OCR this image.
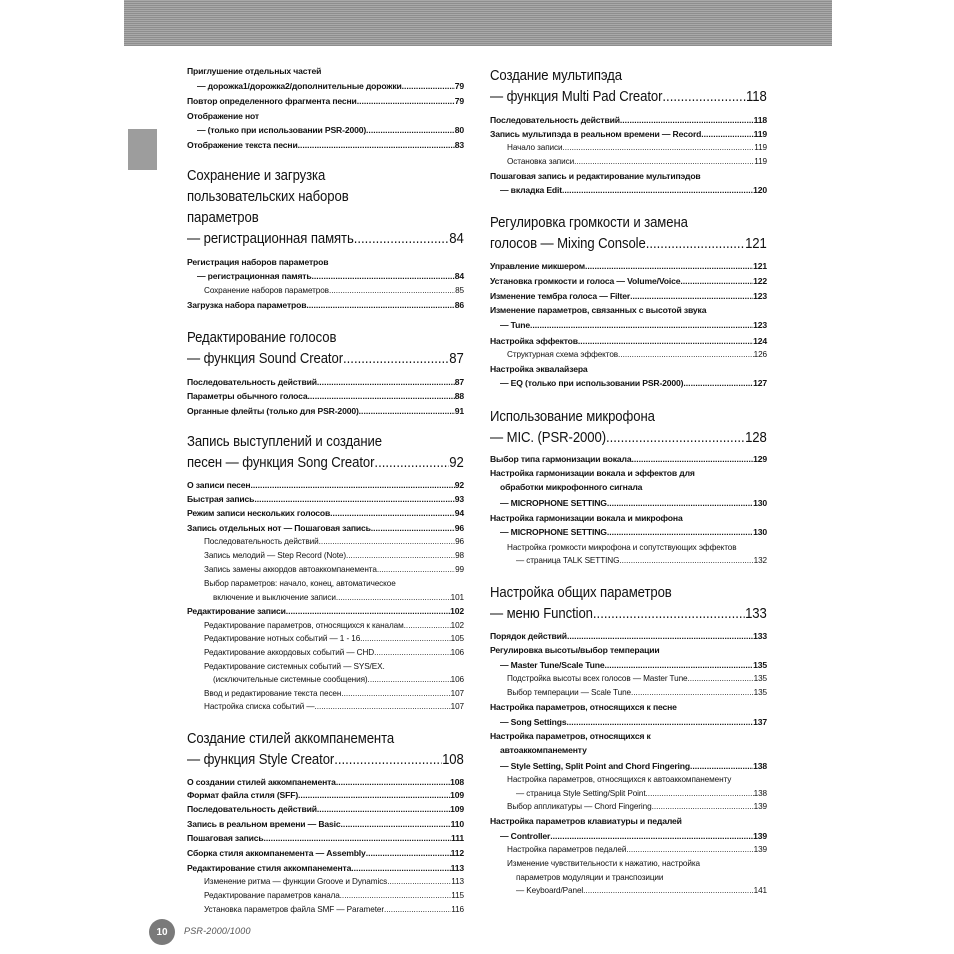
Приглушение отдельных частей
— дорожка1/дорожка2/дополнительные дорожки .....	79
Повтор определенного фрагмента песни .....	79
Отображение нот
— (только при использовании PSR-2000) .....	80
Отображение текста песни .....	83
Сохранение и загрузка
пользовательских наборов
параметров
— регистрационная память .....	84
Регистрация наборов параметров
— регистрационная память .....	84
Сохранение наборов параметров .....	85
Загрузка набора параметров .....	86
Редактирование голосов
— функция Sound Creator .....	87
Последовательность действий .....	87
Параметры обычного голоса .....	88
Органные флейты (только для PSR-2000) .....	91
Запись выступлений и создание
песен — функция Song Creator .....	92
О записи песен .....	92
Быстрая запись .....	93
Режим записи нескольких голосов .....	94
Запись отдельных нот — Пошаговая запись .....	96
Последовательность действий .....	96
Запись мелодий — Step Record (Note) .....	98
Запись замены аккордов автоаккомпанемента .....	99
Выбор параметров: начало, конец, автоматическое
включение и выключение записи .....	101
Редактирование записи .....	102
Редактирование параметров, относящихся к каналам .....	102
Редактирование нотных событий — 1 - 16 .....	105
Редактирование аккордовых событий — CHD .....	106
Редактирование системных событий — SYS/EX.
(исключительные системные сообщения) .....	106
Ввод и редактирование текста песен .....	107
Настройка списка событий — .....	107
Создание стилей аккомпанемента
— функция Style Creator .....	108
О создании стилей аккомпанемента .....	108
Формат файла стиля (SFF) .....	109
Последовательность действий .....	109
Запись в реальном времени — Basic .....	110
Пошаговая запись .....	111
Сборка стиля аккомпанемента — Assembly .....	112
Редактирование стиля аккомпанемента .....	113
Изменение ритма — функции Groove и Dynamics .....	113
Редактирование параметров канала .....	115
Установка параметров файла SMF — Parameter .....	116
Создание мультипэда
— функция Multi Pad Creator .....	118
Последовательность действий .....	118
Запись мультипэда в реальном времени — Record .....	119
Начало записи .....	119
Остановка записи .....	119
Пошаговая запись и редактирование мультипэдов
— вкладка Edit .....	120
Регулировка громкости и замена
голосов — Mixing Console .....	121
Управление микшером .....	121
Установка громкости и голоса — Volume/Voice .....	122
Изменение тембра голоса — Filter .....	123
Изменение параметров, связанных с высотой звука
— Tune .....	123
Настройка эффектов .....	124
Структурная схема эффектов .....	126
Настройка эквалайзера
— EQ (только при использовании PSR-2000) .....	127
Использование микрофона
— MIC. (PSR-2000) .....	128
Выбор типа гармонизации вокала .....	129
Настройка гармонизации вокала и эффектов для
обработки микрофонного сигнала
— MICROPHONE SETTING .....	130
Настройка гармонизации вокала и микрофона
— MICROPHONE SETTING .....	130
Настройка громкости микрофона и сопутствующих эффектов
— страница TALK SETTING .....	132
Настройка общих параметров
— меню Function .....	133
Порядок действий .....	133
Регулировка высоты/выбор темперации
— Master Tune/Scale Tune .....	135
Подстройка высоты всех голосов — Master Tune .....	135
Выбор темперации — Scale Tune .....	135
Настройка параметров, относящихся к песне
— Song Settings .....	137
Настройка параметров, относящихся к
автоаккомпанементу
— Style Setting, Split Point and Chord Fingering .....	138
Настройка параметров, относящихся к автоаккомпанементу
— страница Style Setting/Split Point .....	138
Выбор аппликатуры — Chord Fingering .....	139
Настройка параметров клавиатуры и педалей
— Controller .....	139
Настройка параметров педалей .....	139
Изменение чувствительности к нажатию, настройка
параметров модуляции и транспозиции
— Keyboard/Panel .....	141
10 PSR-2000/1000
